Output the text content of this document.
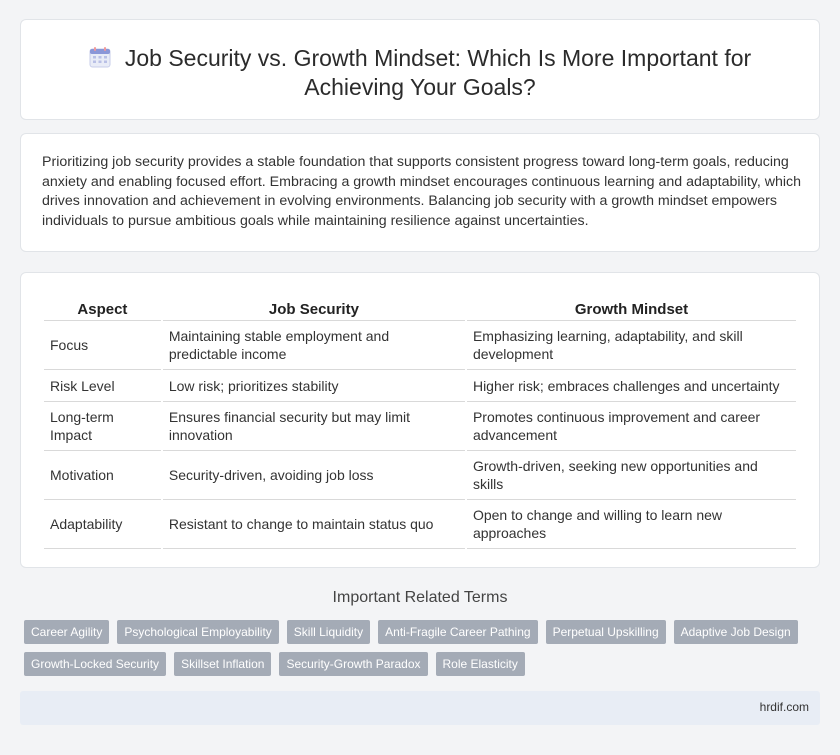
Job Security vs. Growth Mindset: Which Is More Important for Achieving Your Goals?

Prioritizing job security provides a stable foundation that supports consistent progress toward long-term goals, reducing anxiety and enabling focused effort. Embracing a growth mindset encourages continuous learning and adaptability, which drives innovation and achievement in evolving environments. Balancing job security with a growth mindset empowers individuals to pursue ambitious goals while maintaining resilience against uncertainties.

Aspect	Job Security	Growth Mindset
Focus	Maintaining stable employment and predictable income	Emphasizing learning, adaptability, and skill development
Risk Level	Low risk; prioritizes stability	Higher risk; embraces challenges and uncertainty
Long-term Impact	Ensures financial security but may limit innovation	Promotes continuous improvement and career advancement
Motivation	Security-driven, avoiding job loss	Growth-driven, seeking new opportunities and skills
Adaptability	Resistant to change to maintain status quo	Open to change and willing to learn new approaches
Important Related Terms
Career Agility	Psychological Employability	Skill Liquidity	Anti-Fragile Career Pathing	Perpetual Upskilling	Adaptive Job Design
Growth-Locked Security	Skillset Inflation	Security-Growth Paradox	Role Elasticity
hrdif.com
